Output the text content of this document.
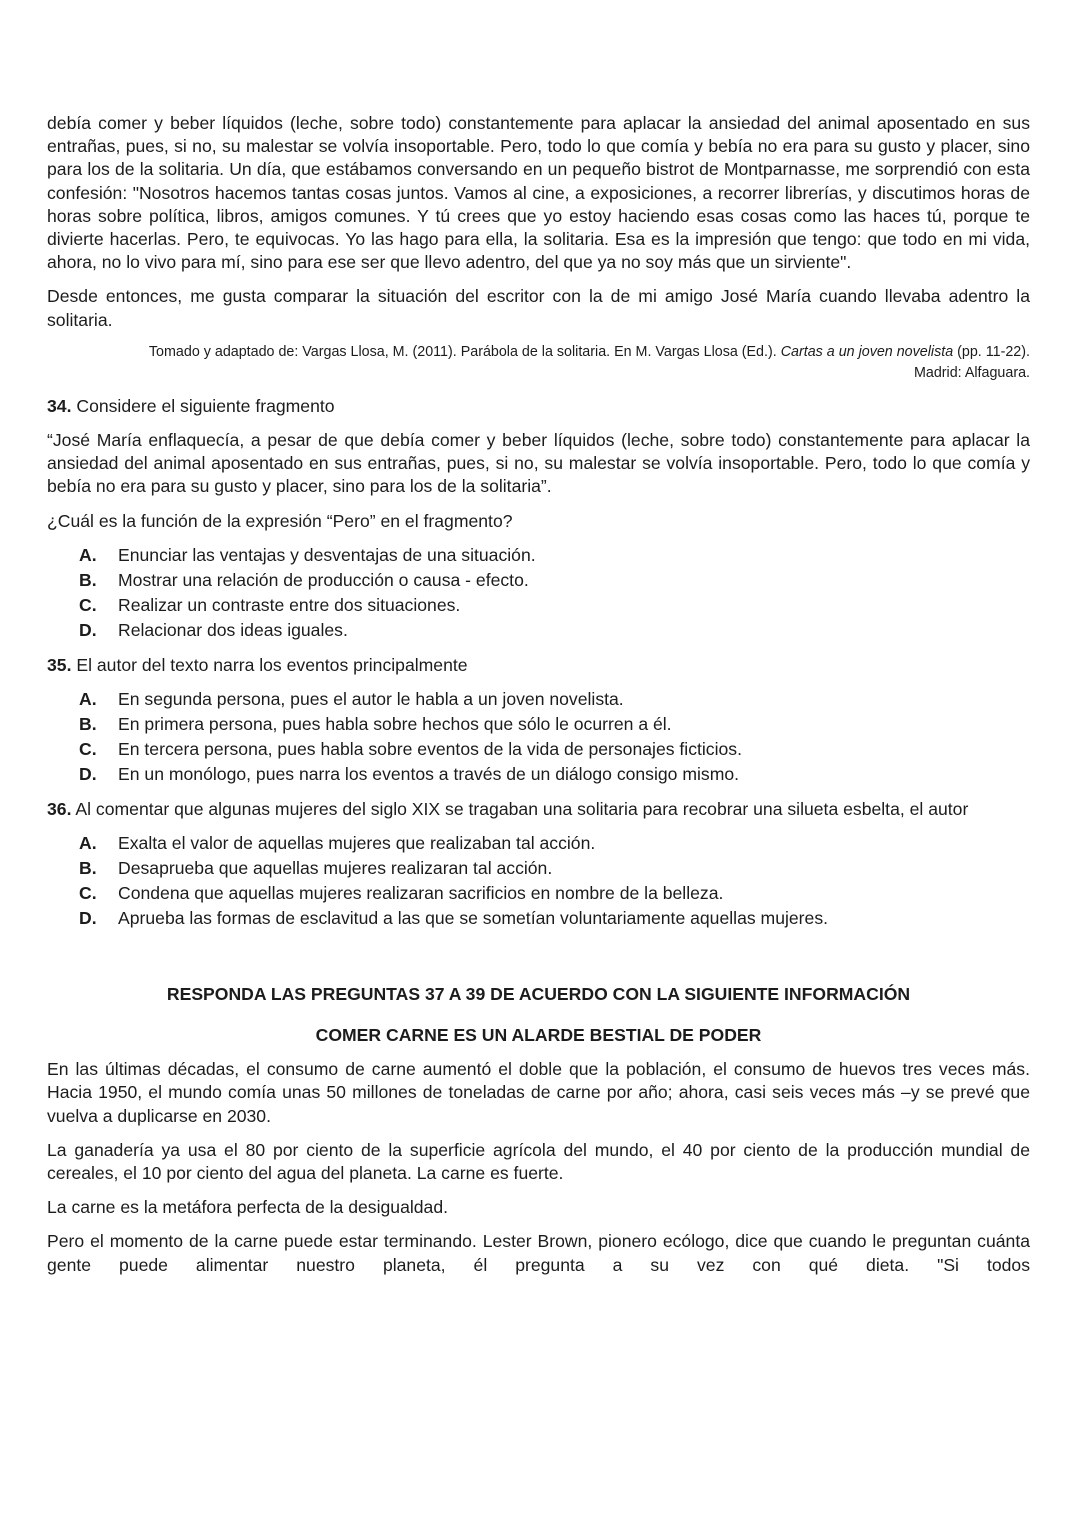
debía comer y beber líquidos (leche, sobre todo) constantemente para aplacar la ansiedad del animal aposentado en sus entrañas, pues, si no, su malestar se volvía insoportable. Pero, todo lo que comía y bebía no era para su gusto y placer, sino para los de la solitaria. Un día, que estábamos conversando en un pequeño bistrot de Montparnasse, me sorprendió con esta confesión: "Nosotros hacemos tantas cosas juntos. Vamos al cine, a exposiciones, a recorrer librerías, y discutimos horas de horas sobre política, libros, amigos comunes. Y tú crees que yo estoy haciendo esas cosas como las haces tú, porque te divierte hacerlas. Pero, te equivocas. Yo las hago para ella, la solitaria. Esa es la impresión que tengo: que todo en mi vida, ahora, no lo vivo para mí, sino para ese ser que llevo adentro, del que ya no soy más que un sirviente".

Desde entonces, me gusta comparar la situación del escritor con la de mi amigo José María cuando llevaba adentro la solitaria.

Tomado y adaptado de: Vargas Llosa, M. (2011). Parábola de la solitaria. En M. Vargas Llosa (Ed.). Cartas a un joven novelista (pp. 11-22). Madrid: Alfaguara.

34. Considere el siguiente fragmento

“José María enflaquecía, a pesar de que debía comer y beber líquidos (leche, sobre todo) constantemente para aplacar la ansiedad del animal aposentado en sus entrañas, pues, si no, su malestar se volvía insoportable. Pero, todo lo que comía y bebía no era para su gusto y placer, sino para los de la solitaria”.

¿Cuál es la función de la expresión “Pero” en el fragmento?

A.	Enunciar las ventajas y desventajas de una situación.
B.	Mostrar una relación de producción o causa - efecto.
C.	Realizar un contraste entre dos situaciones.
D.	Relacionar dos ideas iguales.

35. El autor del texto narra los eventos principalmente

A.	En segunda persona, pues el autor le habla a un joven novelista.
B.	En primera persona, pues habla sobre hechos que sólo le ocurren a él.
C.	En tercera persona, pues habla sobre eventos de la vida de personajes ficticios.
D.	En un monólogo, pues narra los eventos a través de un diálogo consigo mismo.

36. Al comentar que algunas mujeres del siglo XIX se tragaban una solitaria para recobrar una silueta esbelta, el autor

A.	Exalta el valor de aquellas mujeres que realizaban tal acción.
B.	Desaprueba que aquellas mujeres realizaran tal acción.
C.	Condena que aquellas mujeres realizaran sacrificios en nombre de la belleza.
D.	Aprueba las formas de esclavitud a las que se sometían voluntariamente aquellas mujeres.

RESPONDA LAS PREGUNTAS 37 A 39 DE ACUERDO CON LA SIGUIENTE INFORMACIÓN

COMER CARNE ES UN ALARDE BESTIAL DE PODER

En las últimas décadas, el consumo de carne aumentó el doble que la población, el consumo de huevos tres veces más. Hacia 1950, el mundo comía unas 50 millones de toneladas de carne por año; ahora, casi seis veces más –y se prevé que vuelva a duplicarse en 2030.

La ganadería ya usa el 80 por ciento de la superficie agrícola del mundo, el 40 por ciento de la producción mundial de cereales, el 10 por ciento del agua del planeta. La carne es fuerte.

La carne es la metáfora perfecta de la desigualdad.

Pero el momento de la carne puede estar terminando. Lester Brown, pionero ecólogo, dice que cuando le preguntan cuánta gente puede alimentar nuestro planeta, él pregunta a su vez con qué dieta. "Si todos
